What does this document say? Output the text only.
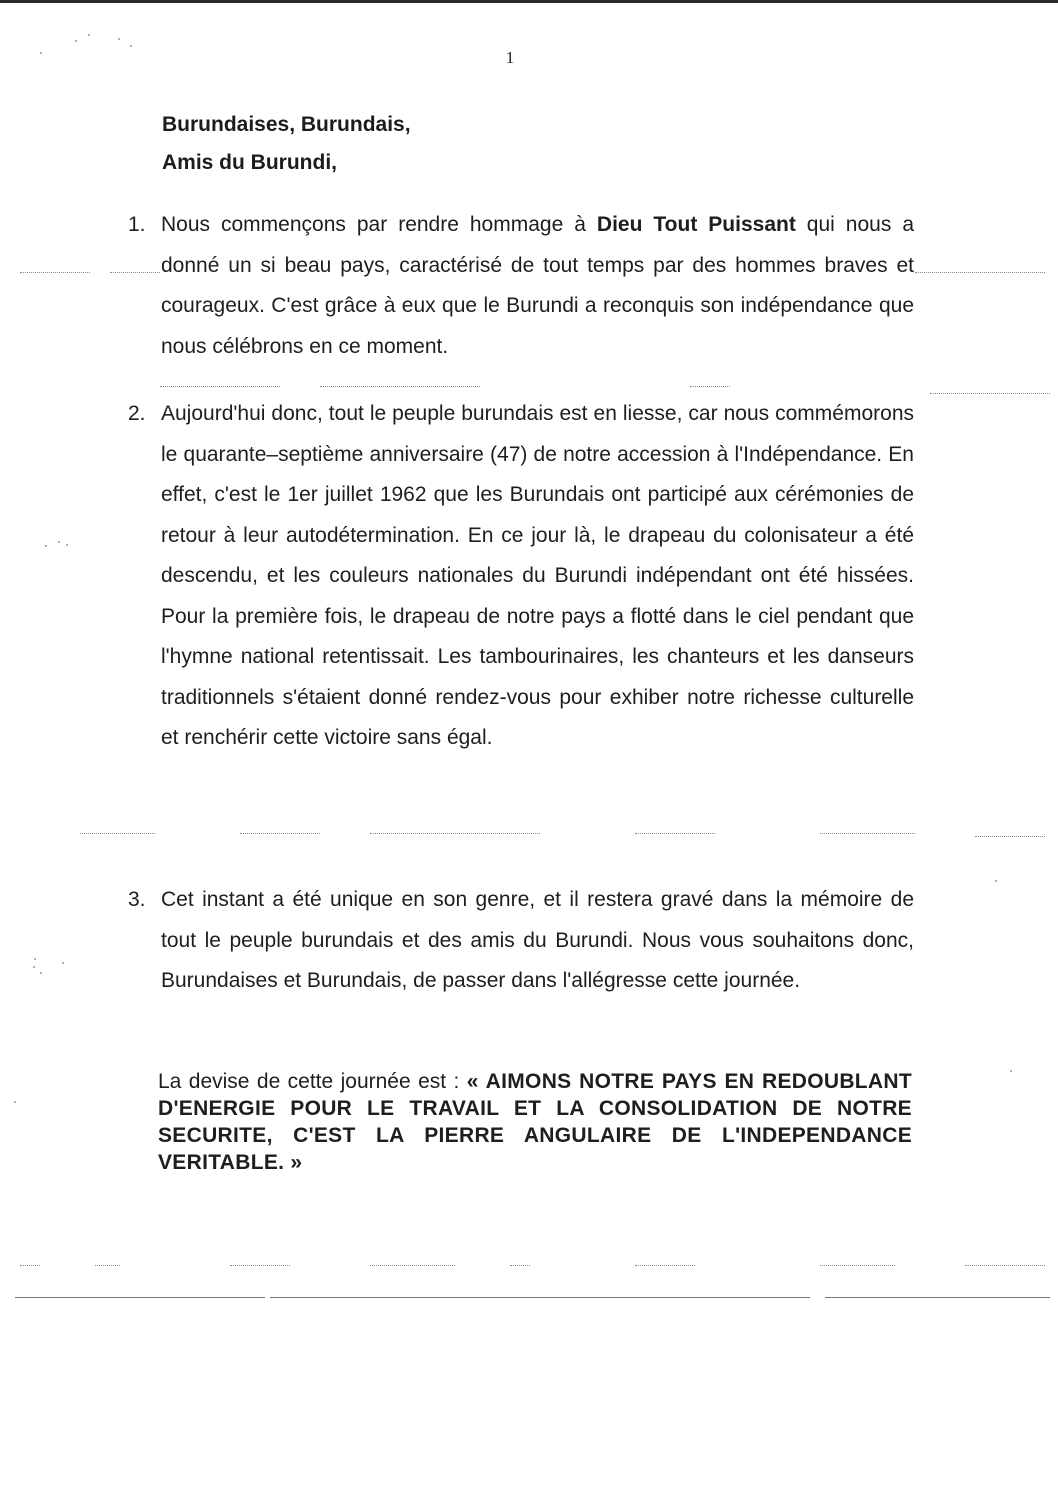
1
Burundaises, Burundais,
Amis du Burundi,
1. Nous commençons par rendre hommage à Dieu Tout Puissant qui nous a donné un si beau pays, caractérisé de tout temps par des hommes braves et courageux. C'est grâce à eux que le Burundi a reconquis son indépendance que nous célébrons en ce moment.
2. Aujourd'hui donc, tout le peuple burundais est en liesse, car nous commémorons le quarante–septième anniversaire (47) de notre accession à l'Indépendance. En effet, c'est le 1er juillet 1962 que les Burundais ont participé aux cérémonies de retour à leur autodétermination. En ce jour là, le drapeau du colonisateur a été descendu, et les couleurs nationales du Burundi indépendant ont été hissées. Pour la première fois, le drapeau de notre pays a flotté dans le ciel pendant que l'hymne national retentissait. Les tambourinaires, les chanteurs et les danseurs traditionnels s'étaient donné rendez-vous pour exhiber notre richesse culturelle et renchérir cette victoire sans égal.
3. Cet instant a été unique en son genre, et il restera gravé dans la mémoire de tout le peuple burundais et des amis du Burundi. Nous vous souhaitons donc, Burundaises et Burundais, de passer dans l'allégresse cette journée.
La devise de cette journée est : « AIMONS NOTRE PAYS EN REDOUBLANT D'ENERGIE POUR LE TRAVAIL ET LA CONSOLIDATION DE NOTRE SECURITE, C'EST LA PIERRE ANGULAIRE DE L'INDEPENDANCE VERITABLE. »
